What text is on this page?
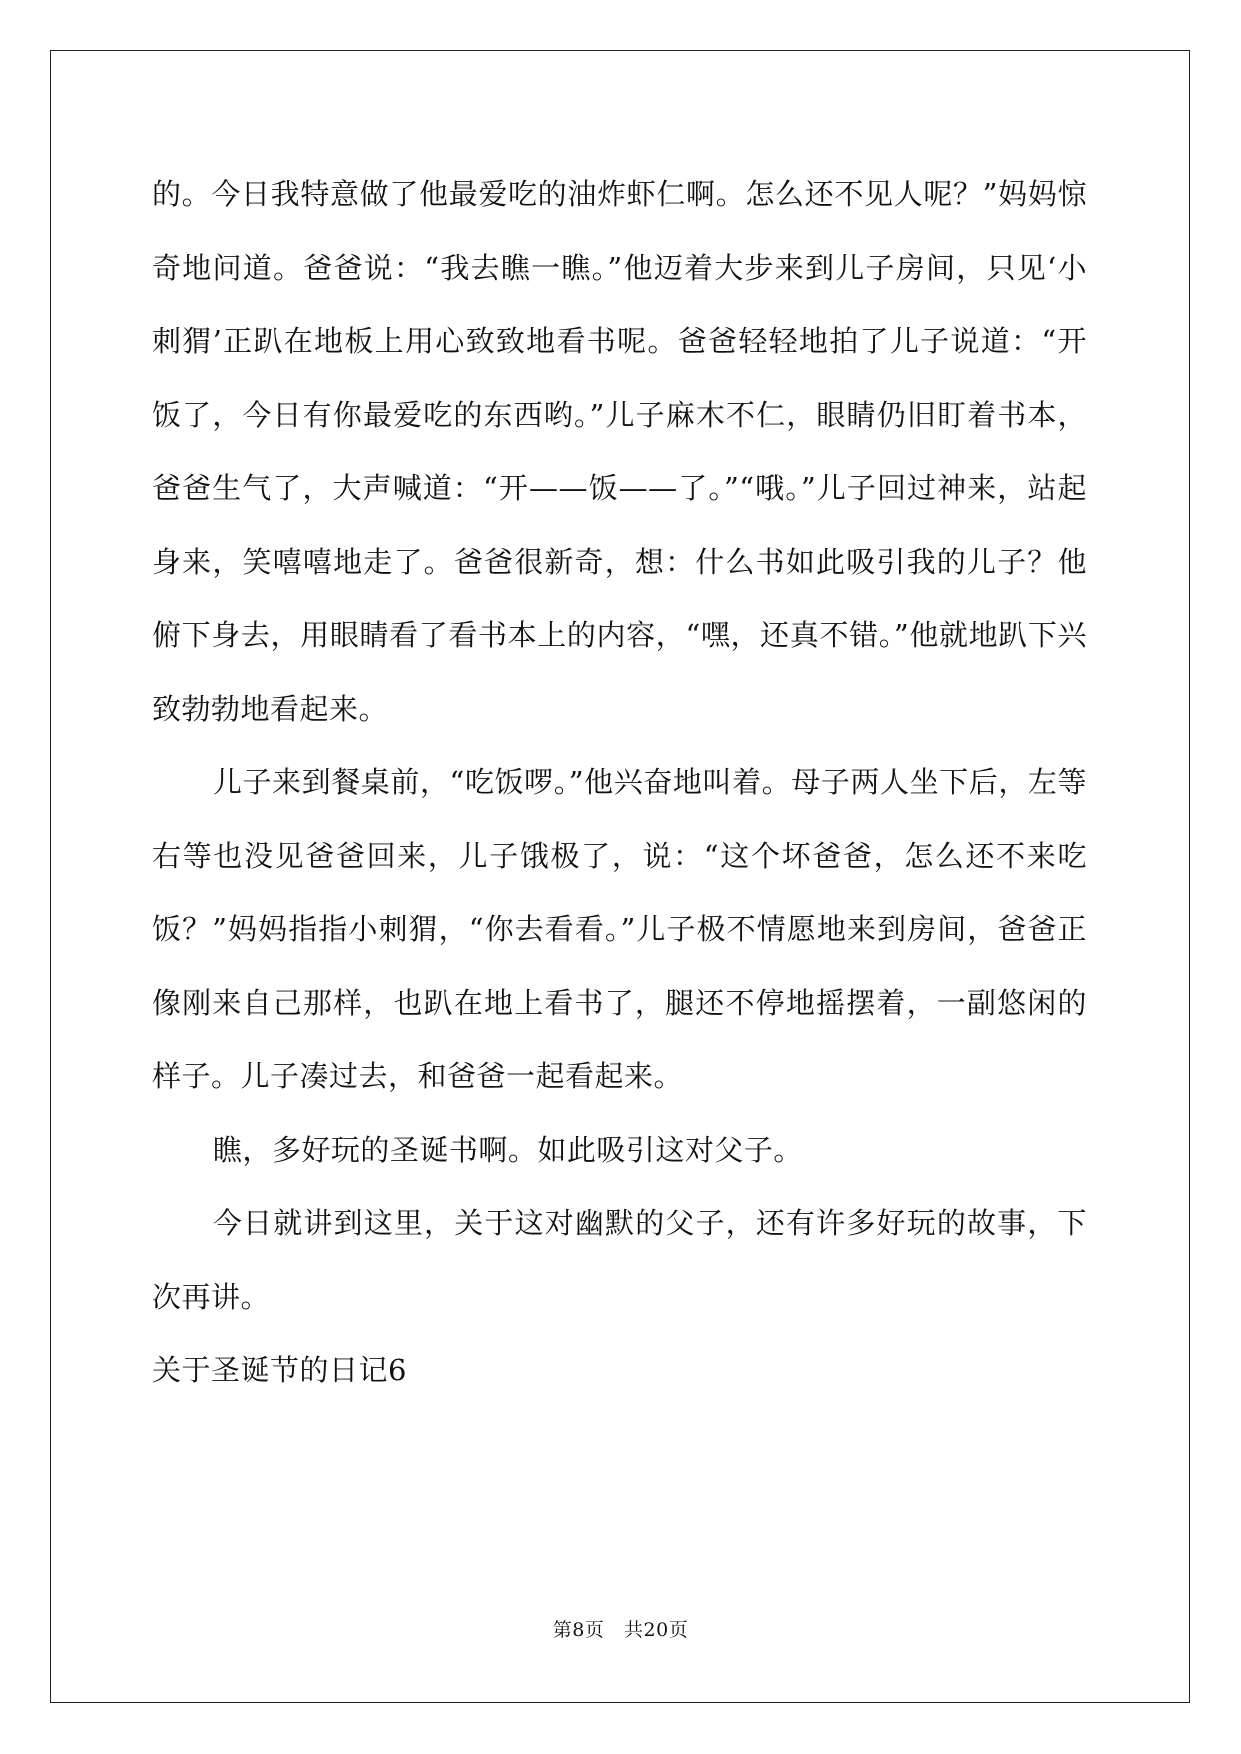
的。今日我特意做了他最爱吃的油炸虾仁啊。怎么还不见人呢？”妈妈惊奇地问道。爸爸说：“我去瞧一瞧。”他迈着大步来到儿子房间，只见‘小刺猬’正趴在地板上用心致致地看书呢。爸爸轻轻地拍了儿子说道：“开饭了，今日有你最爱吃的东西哟。”儿子麻木不仁，眼睛仍旧盯着书本，爸爸生气了，大声喊道：“开——饭——了。”“哦。”儿子回过神来，站起身来，笑嘻嘻地走了。爸爸很新奇，想：什么书如此吸引我的儿子？他俯下身去，用眼睛看了看书本上的内容，“嘿，还真不错。”他就地趴下兴致勃勃地看起来。

儿子来到餐桌前，“吃饭啰。”他兴奋地叫着。母子两人坐下后，左等右等也没见爸爸回来，儿子饿极了，说：“这个坏爸爸，怎么还不来吃饭？”妈妈指指小刺猬，“你去看看。”儿子极不情愿地来到房间，爸爸正像刚来自己那样，也趴在地上看书了，腿还不停地摇摆着，一副悠闲的样子。儿子凑过去，和爸爸一起看起来。

瞧，多好玩的圣诞书啊。如此吸引这对父子。

今日就讲到这里，关于这对幽默的父子，还有许多好玩的故事，下次再讲。

关于圣诞节的日记6

第8页 共20页
